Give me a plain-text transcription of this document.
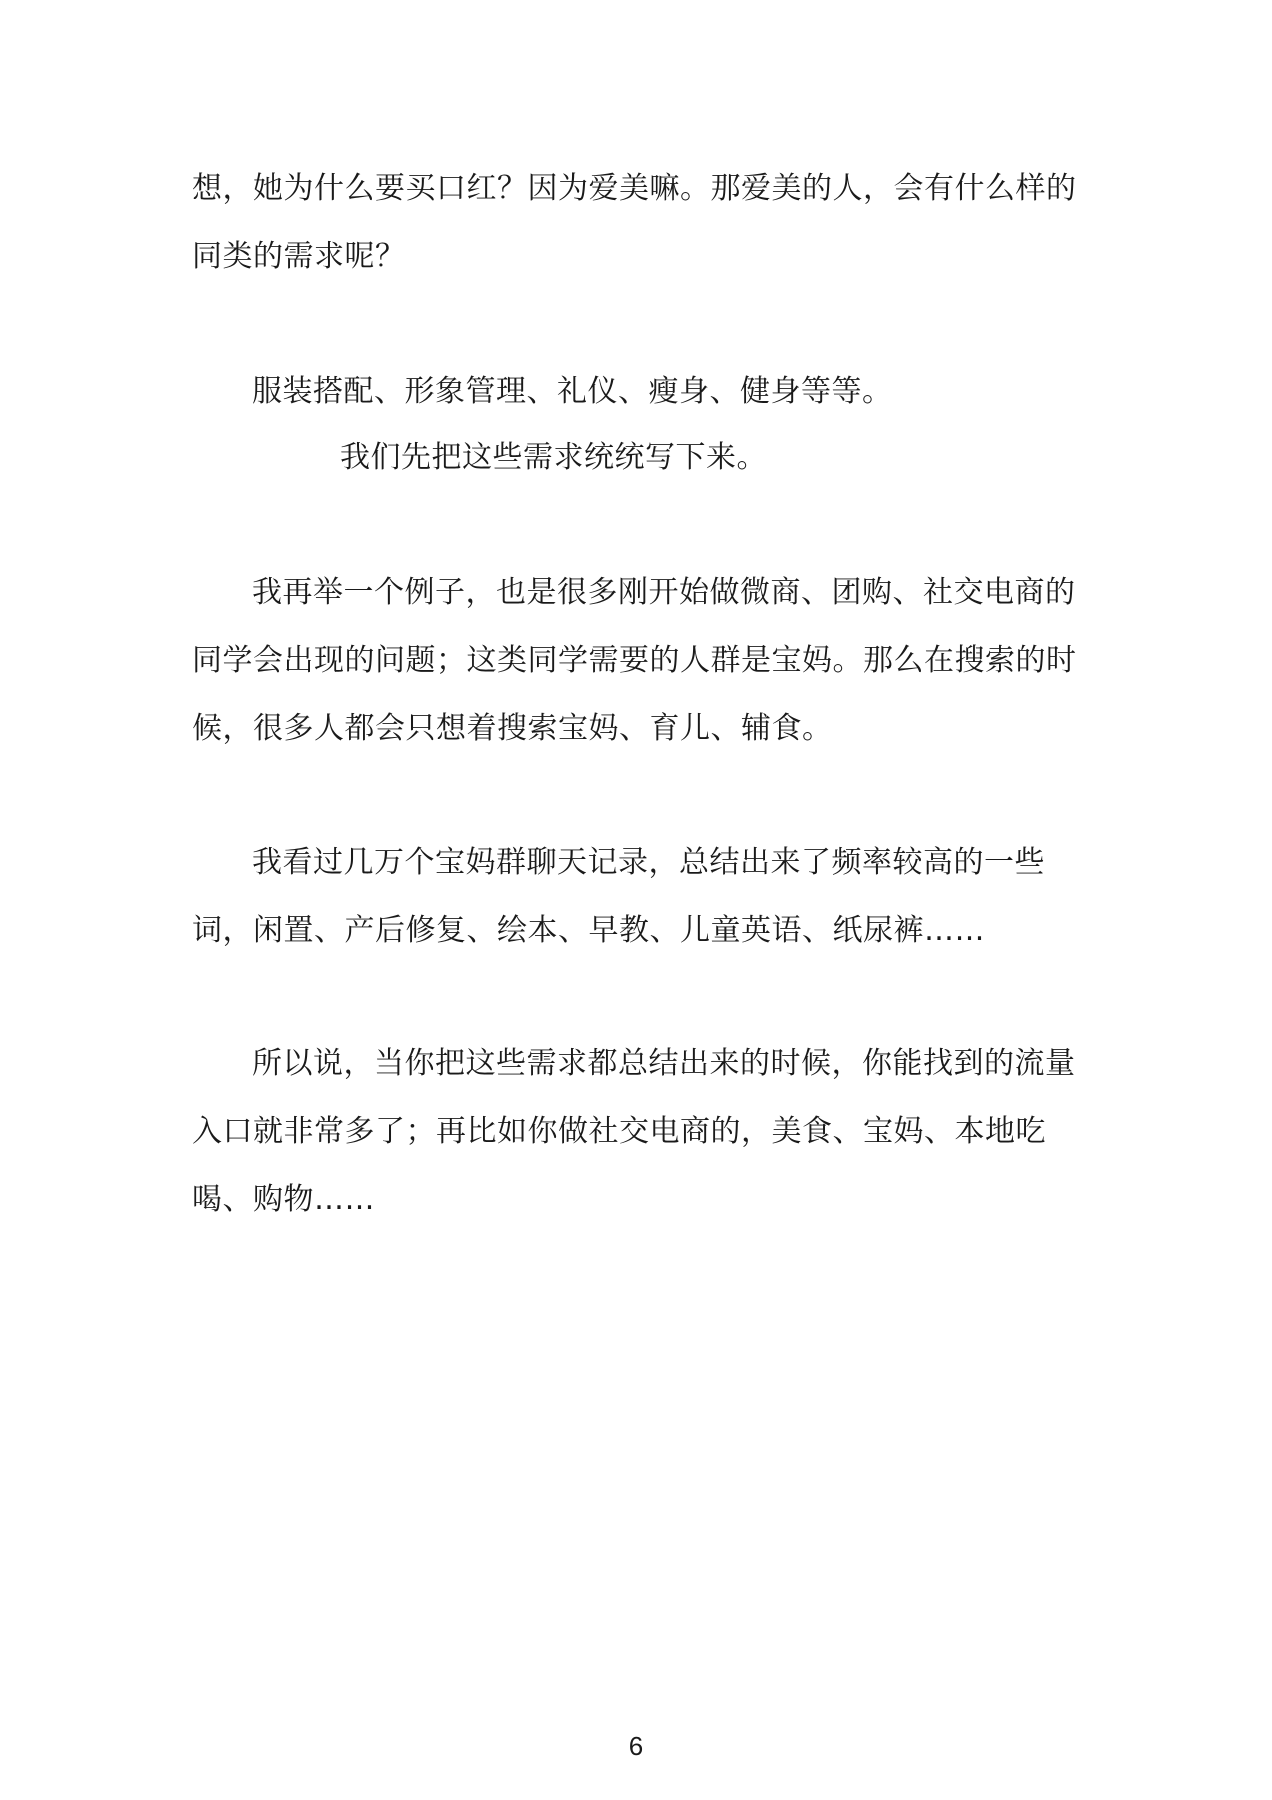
想，她为什么要买口红？因为爱美嘛。那爱美的人，会有什么样的
同类的需求呢？

服装搭配、形象管理、礼仪、瘦身、健身等等。

我们先把这些需求统统写下来。

我再举一个例子，也是很多刚开始做微商、团购、社交电商的
同学会出现的问题；这类同学需要的人群是宝妈。那么在搜索的时
候，很多人都会只想着搜索宝妈、育儿、辅食。

我看过几万个宝妈群聊天记录，总结出来了频率较高的一些
词，闲置、产后修复、绘本、早教、儿童英语、纸尿裤……

所以说，当你把这些需求都总结出来的时候，你能找到的流量
入口就非常多了；再比如你做社交电商的，美食、宝妈、本地吃
喝、购物……

6
